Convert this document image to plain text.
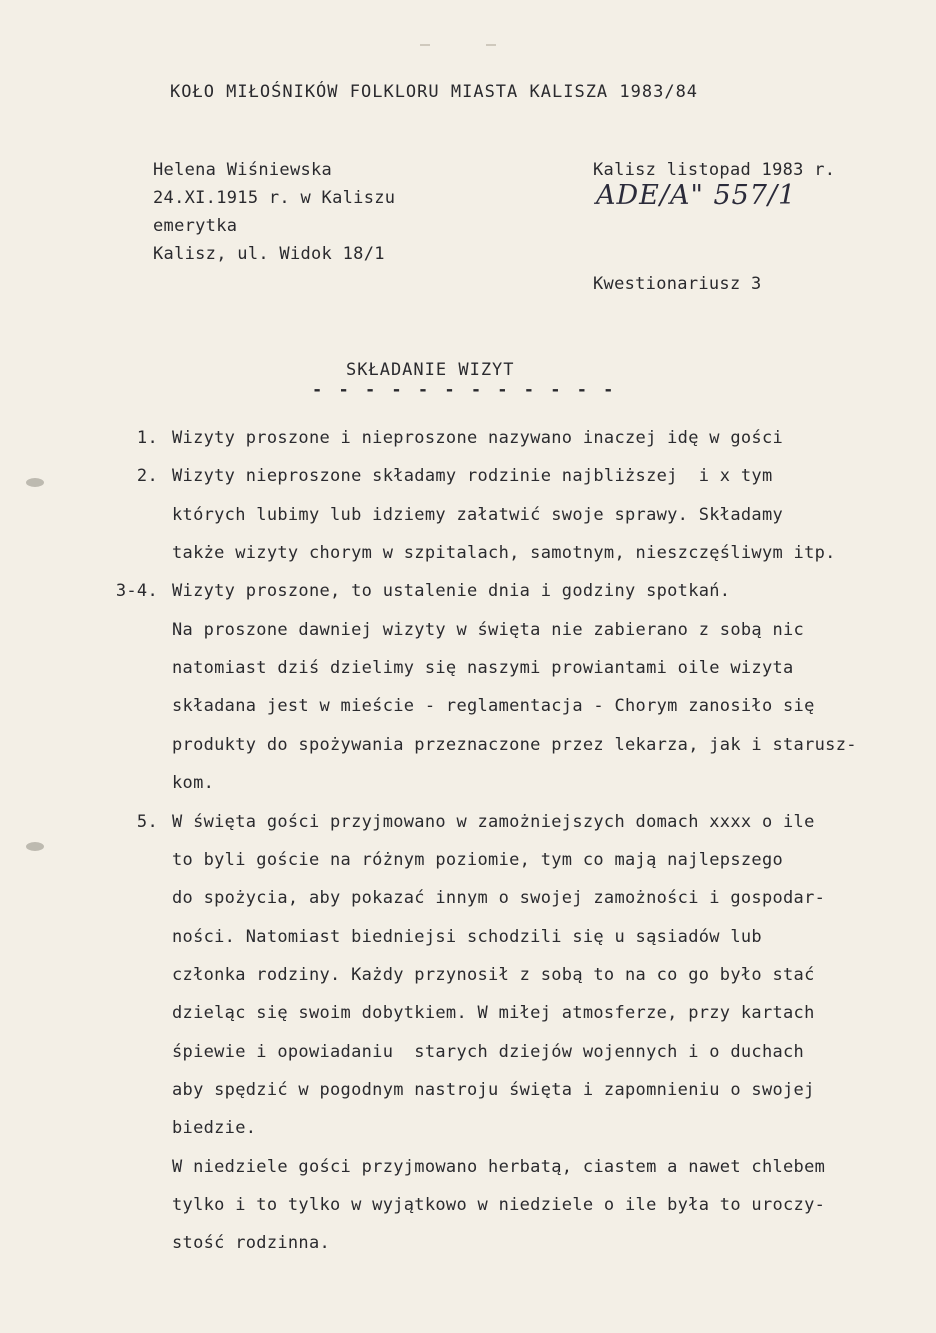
KOŁO MIŁOŚNIKÓW FOLKLORU MIASTA KALISZA 1983/84
Helena Wiśniewska
24.XI.1915 r. w Kaliszu
emerytka
Kalisz, ul. Widok 18/1
Kalisz listopad 1983 r.
ADE/A" 557/1
Kwestionariusz 3
SKŁADANIE WIZYT
- - - - - - - - - - - -
1. Wizyty proszone i nieproszone nazywano inaczej idę w gości
2. Wizyty nieproszone składamy rodzinie najbliższej  i x tym
których lubimy lub idziemy załatwić swoje sprawy. Składamy
także wizyty chorym w szpitalach, samotnym, nieszczęśliwym itp.
3-4. Wizyty proszone, to ustalenie dnia i godziny spotkań.
Na proszone dawniej wizyty w święta nie zabierano z sobą nic
natomiast dziś dzielimy się naszymi prowiantami oile wizyta
składana jest w mieście - reglamentacja - Chorym zanosiło się
produkty do spożywania przeznaczone przez lekarza, jak i starusz-
kom.
5. W święta gości przyjmowano w zamożniejszych domach xxxx o ile
to byli goście na różnym poziomie, tym co mają najlepszego
do spożycia, aby pokazać innym o swojej zamożności i gospodar-
ności. Natomiast biedniejsi schodzili się u sąsiadów lub
członka rodziny. Każdy przynosił z sobą to na co go było stać
dzieląc się swoim dobytkiem. W miłej atmosferze, przy kartach
śpiewie i opowiadaniu  starych dziejów wojennych i o duchach
aby spędzić w pogodnym nastroju święta i zapomnieniu o swojej
biedzie.
W niedziele gości przyjmowano herbatą, ciastem a nawet chlebem
tylko i to tylko w wyjątkowo w niedziele o ile była to uroczy-
stość rodzinna.
